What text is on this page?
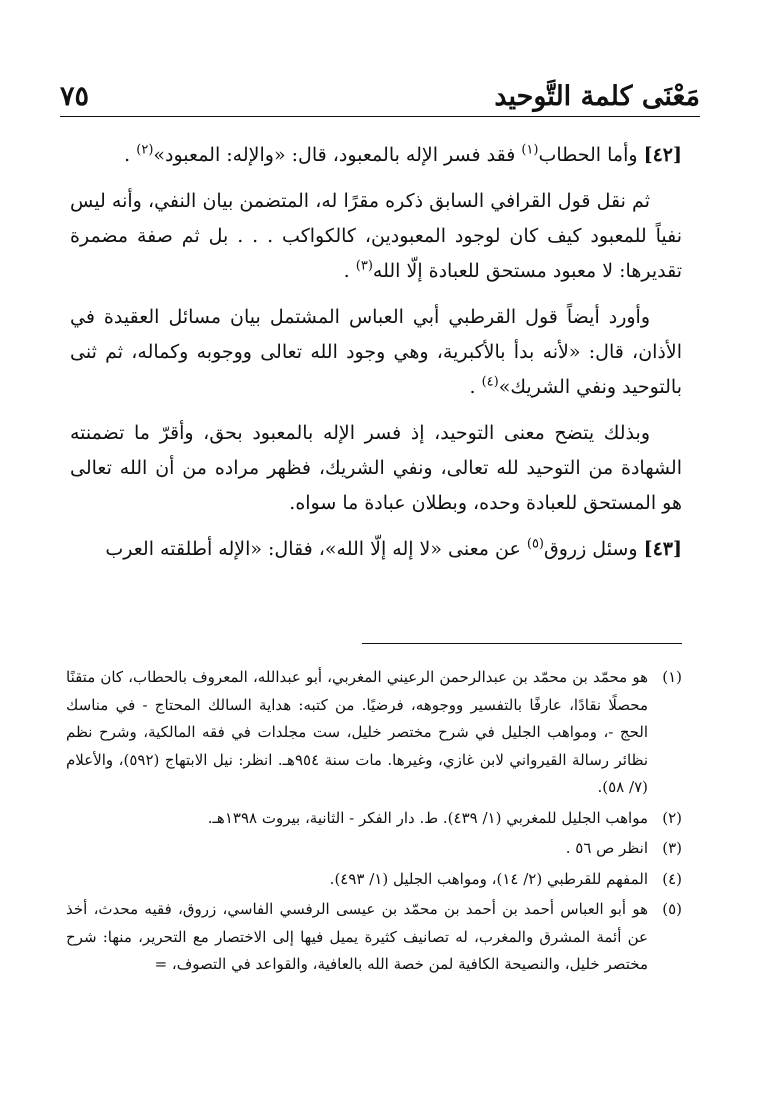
مَعْنَى كلمة التَّوحيد
٧٥

[٤٢] وأما الحطاب$^{(١)}$ فقد فسر الإله بالمعبود، قال: «والإله: المعبود»$^{(٢)}$ .

ثم نقل قول القرافي السابق ذكره مقرًا له، المتضمن بيان النفي، وأنه ليس نفياً للمعبود كيف كان لوجود المعبودين، كالكواكب . . . بل ثم صفة مضمرة تقديرها: لا معبود مستحق للعبادة إلّا الله$^{(٣)}$ .

وأورد أيضاً قول القرطبي أبي العباس المشتمل بيان مسائل العقيدة في الأذان، قال: «لأنه بدأ بالأكبرية، وهي وجود الله تعالى ووجوبه وكماله، ثم ثنى بالتوحيد ونفي الشريك»$^{(٤)}$ .

وبذلك يتضح معنى التوحيد، إذ فسر الإله بالمعبود بحق، وأقرّ ما تضمنته الشهادة من التوحيد لله تعالى، ونفي الشريك، فظهر مراده من أن الله تعالى هو المستحق للعبادة وحده، وبطلان عبادة ما سواه.

[٤٣] وسئل زروق$^{(٥)}$ عن معنى «لا إله إلّا الله»، فقال: «الإله أطلقته العرب

(١)

هو محمّد بن محمّد بن عبدالرحمن الرعيني المغربي، أبو عبدالله، المعروف بالحطاب، كان متقنًا محصلًا نقادًا، عارفًا بالتفسير ووجوهه، فرضيًا. من كتبه: هداية السالك المحتاج - في مناسك الحج -، ومواهب الجليل في شرح مختصر خليل، ست مجلدات في فقه المالكية، وشرح نظم نظائر رسالة القيرواني لابن غازي، وغيرها. مات سنة ٩٥٤هـ. انظر: نيل الابتهاج (٥٩٢)، والأعلام (٧/ ٥٨).

(٢)

مواهب الجليل للمغربي (١/ ٤٣٩). ط. دار الفكر - الثانية، بيروت ١٣٩٨هـ.

(٣)

انظر ص ٥٦ .

(٤)

المفهم للقرطبي (٢/ ١٤)، ومواهب الجليل (١/ ٤٩٣).

(٥)

هو أبو العباس أحمد بن أحمد بن محمّد بن عيسى الرفسي الفاسي، زروق، فقيه محدث، أخذ عن أئمة المشرق والمغرب، له تصانيف كثيرة يميل فيها إلى الاختصار مع التحرير، منها: شرح مختصر خليل، والنصيحة الكافية لمن خصة الله بالعافية، والقواعد في التصوف، =
